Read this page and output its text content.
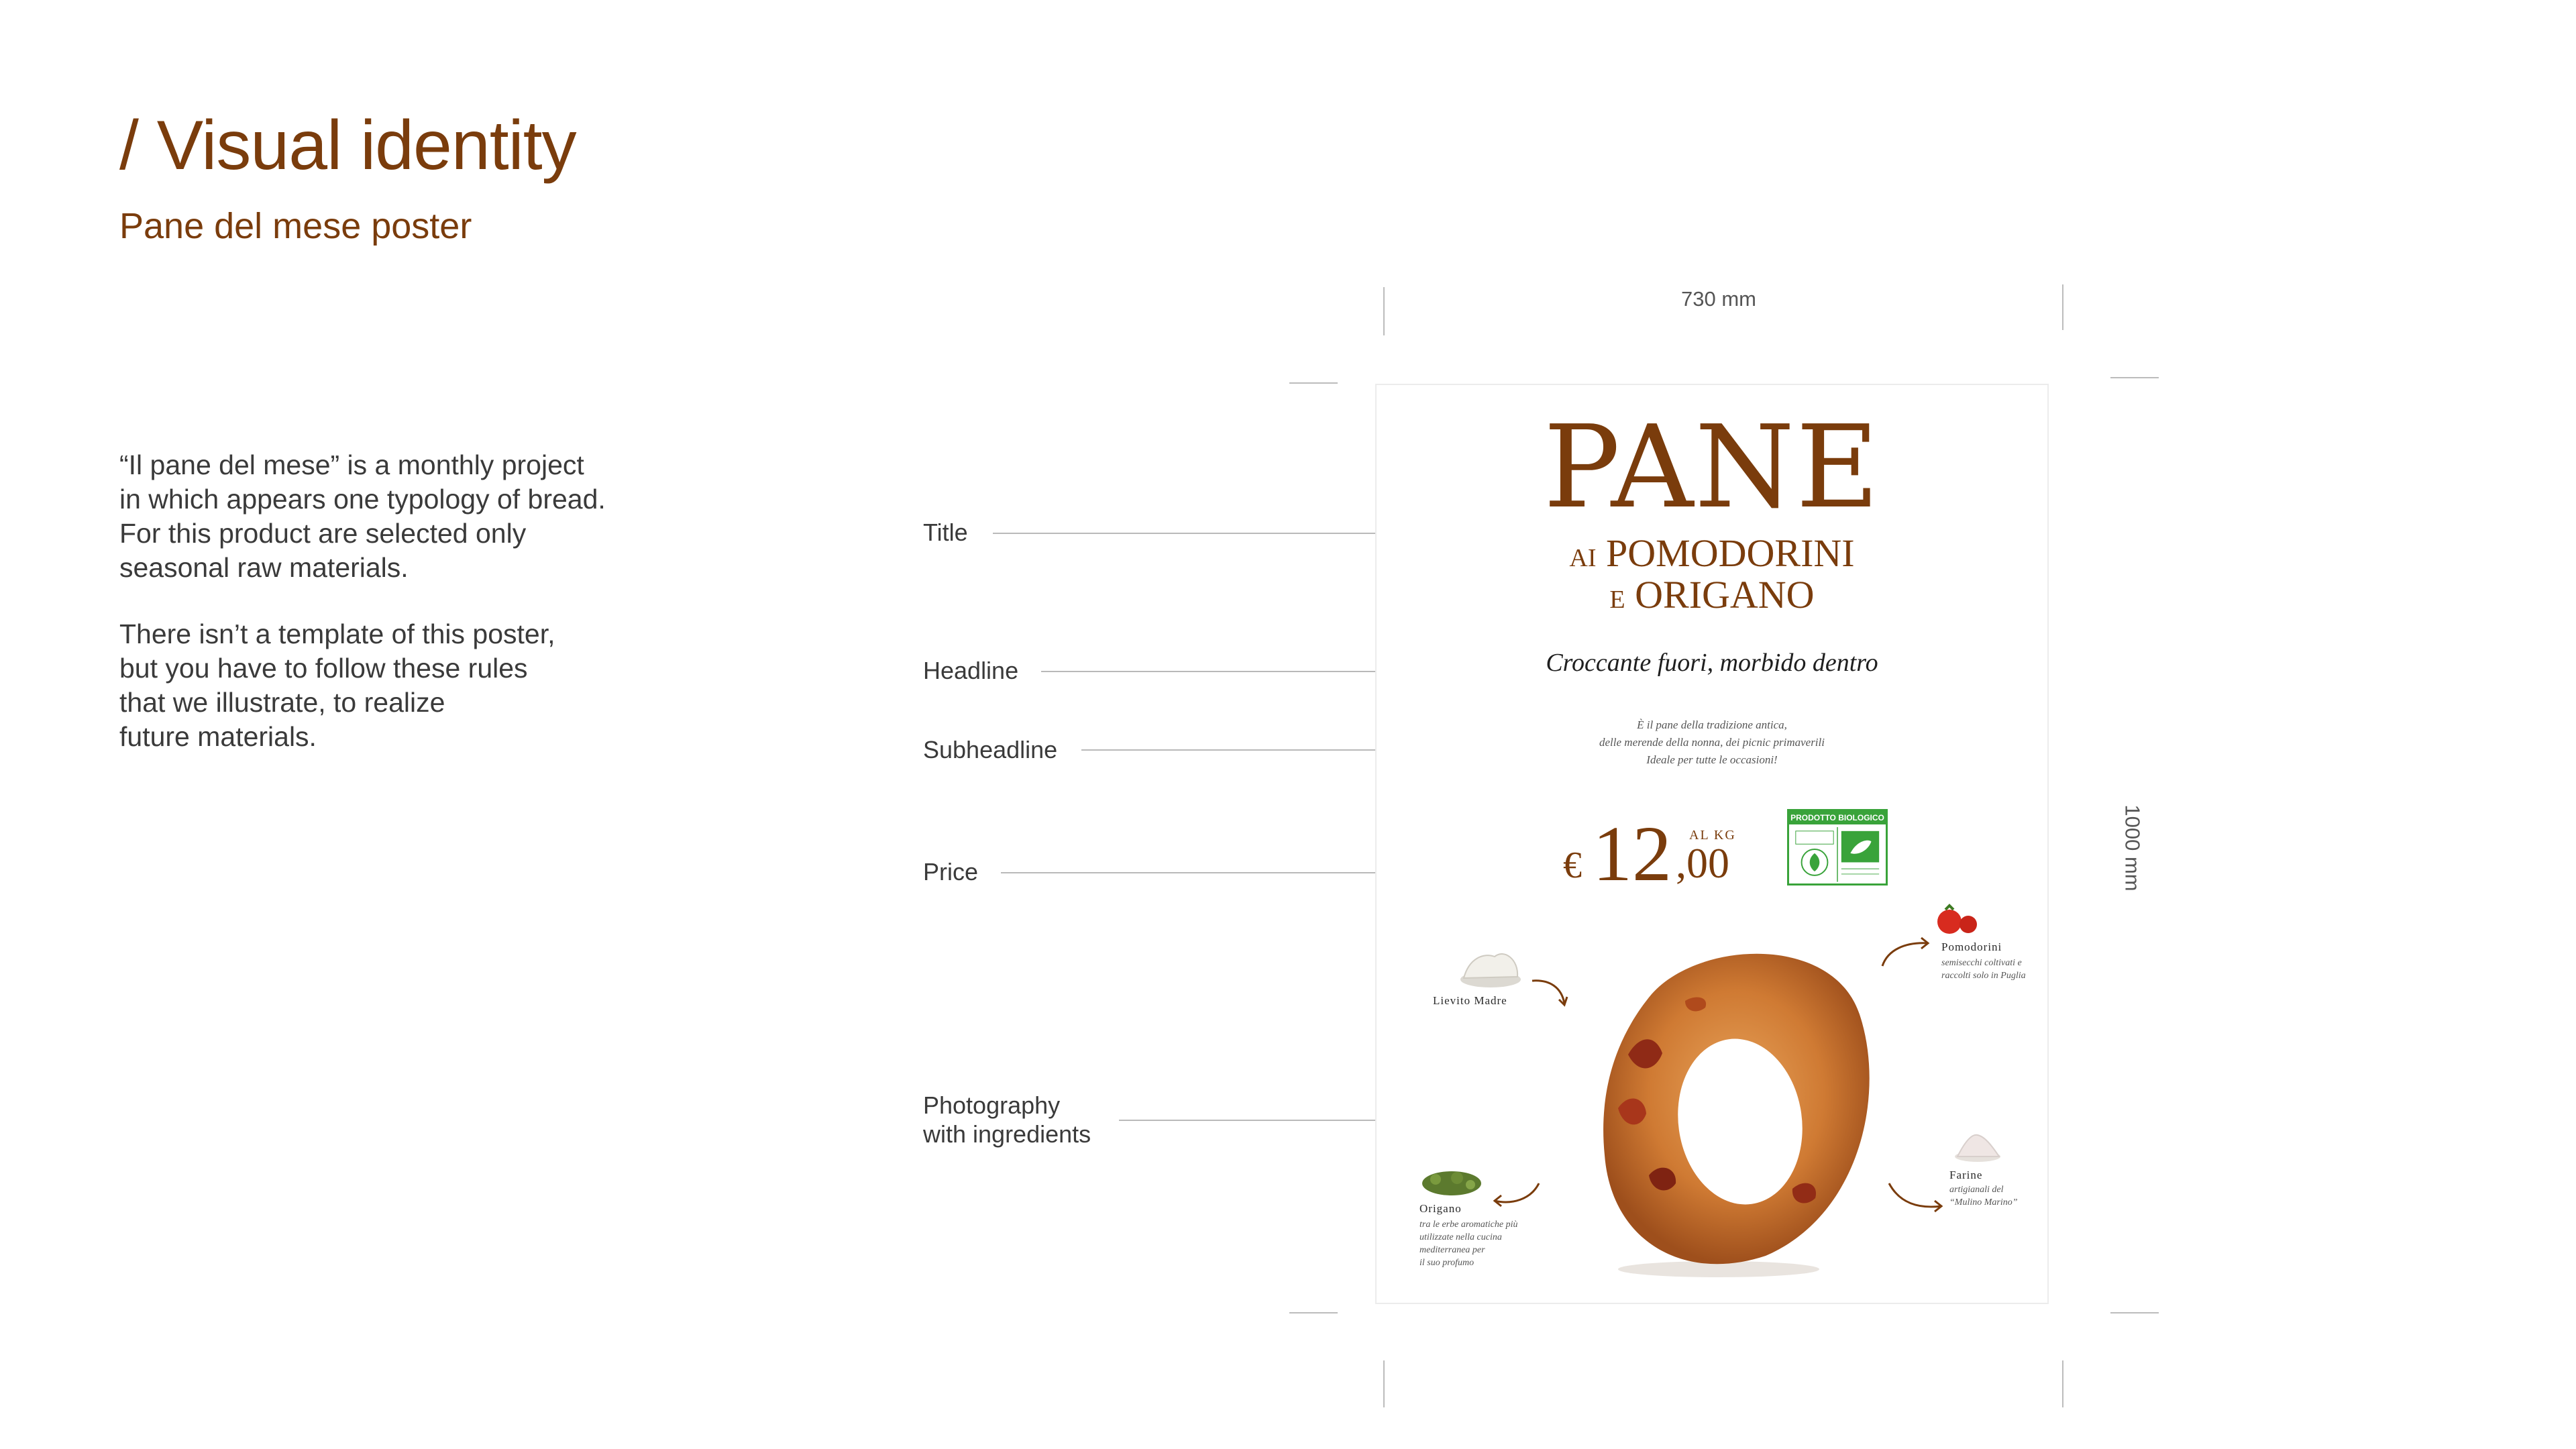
/ Visual identity
Pane del mese poster

“Il pane del mese” is a monthly project

in which appears one typology of bread.

For this product are selected only

seasonal raw materials.

There isn’t a template of this poster,

but you have to follow these rules

that we illustrate, to realize

future materials.

Title
Headline
Subheadline
Price
Photography
with ingredients
730 mm
1000 mm
PANE
AI POMODORINI
E ORIGANO
Croccante fuori, morbido dentro
È il pane della tradizione antica,
delle merende della nonna, dei picnic primaverili
Ideale per tutte le occasioni!
€ 12 ,00
AL KG
PRODOTTO BIOLOGICO
Lievito Madre
Pomodorini
semisecchi coltivati e
raccolti solo in Puglia
Origano
tra le erbe aromatiche più
utilizzate nella cucina
mediterranea per
il suo profumo
Farine
artigianali del
“Mulino Marino”
